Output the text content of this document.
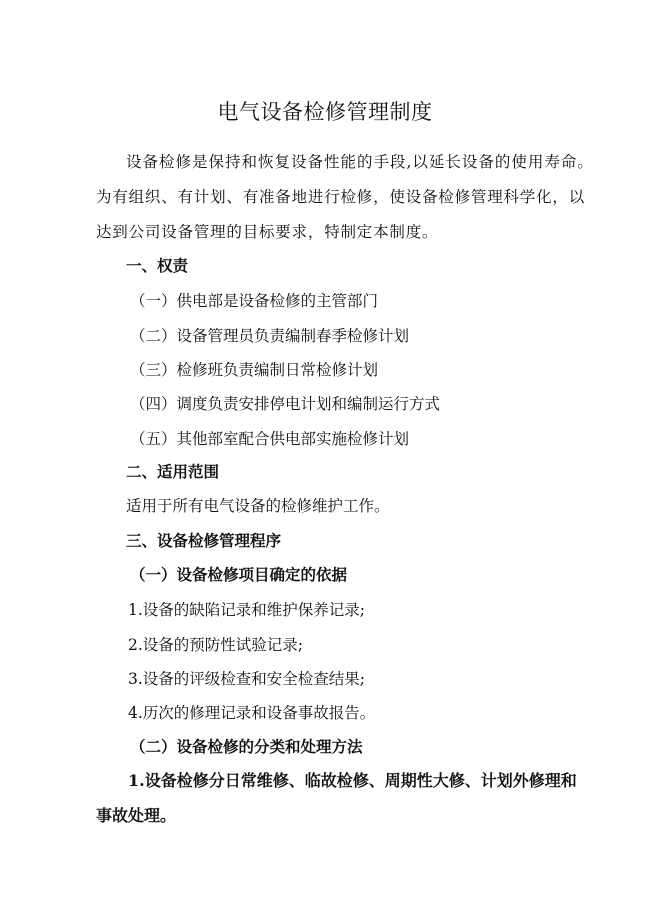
电气设备检修管理制度
设备检修是保持和恢复设备性能的手段,以延长设备的使用寿命。
为有组织、有计划、有准备地进行检修，使设备检修管理科学化，以
达到公司设备管理的目标要求，特制定本制度。
一、权责
（一）供电部是设备检修的主管部门
（二）设备管理员负责编制春季检修计划
（三）检修班负责编制日常检修计划
（四）调度负责安排停电计划和编制运行方式
（五）其他部室配合供电部实施检修计划
二、适用范围
适用于所有电气设备的检修维护工作。
三、设备检修管理程序
（一）设备检修项目确定的依据
1.设备的缺陷记录和维护保养记录;
2.设备的预防性试验记录;
3.设备的评级检查和安全检查结果;
4.历次的修理记录和设备事故报告。
（二）设备检修的分类和处理方法
1.设备检修分日常维修、临故检修、周期性大修、计划外修理和
事故处理。
